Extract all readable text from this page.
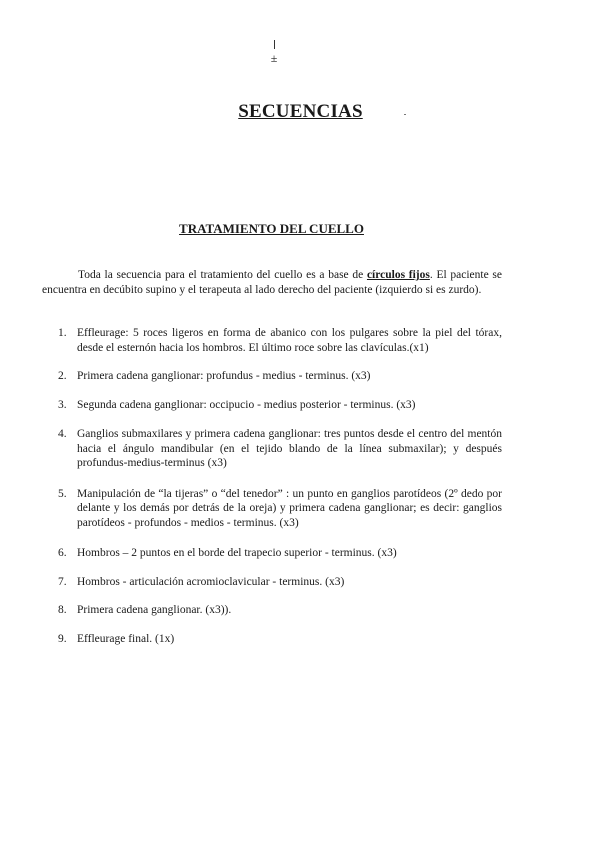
±
SECUENCIAS
TRATAMIENTO DEL CUELLO

Toda la secuencia para el tratamiento del cuello es a base de círculos fijos. El paciente se encuentra en decúbito supino y el terapeuta al lado derecho del paciente (izquierdo si es zurdo).

1. Effleurage: 5 roces ligeros en forma de abanico con los pulgares sobre la piel del tórax, desde el esternón hacia los hombros. El último roce sobre las clavículas.(x1)
2. Primera cadena ganglionar: profundus - medius - terminus. (x3)
3. Segunda cadena ganglionar: occipucio - medius posterior - terminus. (x3)
4. Ganglios submaxilares y primera cadena ganglionar: tres puntos desde el centro del mentón hacia el ángulo mandibular (en el tejido blando de la línea submaxilar); y después profundus-medius-terminus (x3)
5. Manipulación de “la tijeras” o “del tenedor” : un punto en ganglios parotídeos (2º dedo por delante y los demás por detrás de la oreja) y primera cadena ganglionar; es decir: ganglios parotídeos - profundos - medios - terminus. (x3)
6. Hombros – 2 puntos en el borde del trapecio superior - terminus. (x3)
7. Hombros - articulación acromioclavicular - terminus. (x3)
8. Primera cadena ganglionar. (x3)).
9. Effleurage final. (1x)
